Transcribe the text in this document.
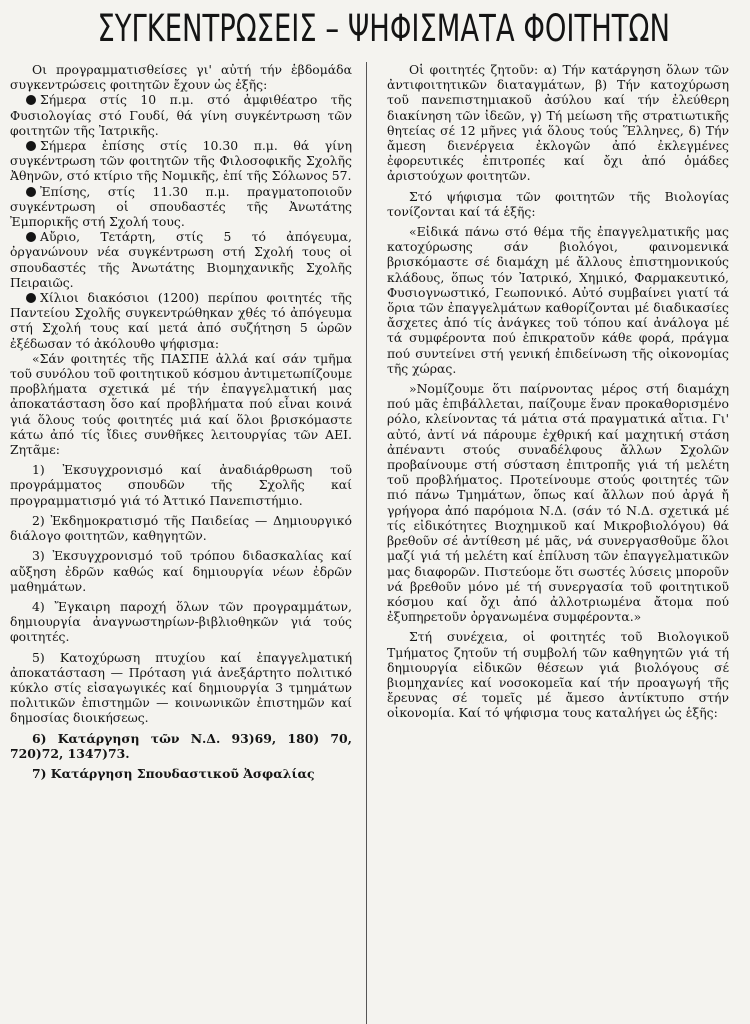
ΣΥΓΚΕΝΤΡΩΣΕΙΣ – ΨΗΦΙΣΜΑΤΑ ΦΟΙΤΗΤΩΝ

Οι προγραμματισθείσες γι' αὐτή τήν ἑβδομάδα συγκεντρώσεις φοιτητῶν ἔχουν ὡς ἑξῆς:

Σήμερα στίς 10 π.μ. στό ἀμφιθέατρο τῆς Φυσιολογίας στό Γουδί, θά γίνη συγκέντρωση τῶν φοιτητῶν τῆς Ἰατρικῆς.

Σήμερα ἐπίσης στίς 10.30 π.μ. θά γίνη συγκέντρωση τῶν φοιτητῶν τῆς Φιλοσοφικῆς Σχολῆς Ἀθηνῶν, στό κτίριο τῆς Νομικῆς, ἐπί τῆς Σόλωνος 57.

Ἐπίσης, στίς 11.30 π.μ. πραγματοποιοῦν συγκέντρωση οἱ σπουδαστές τῆς Ἀνωτάτης Ἐμπορικῆς στή Σχολή τους.

Αὔριο, Τετάρτη, στίς 5 τό ἀπόγευμα, ὀργανώνουν νέα συγκέντρωση στή Σχολή τους οἱ σπουδαστές τῆς Ἀνωτάτης Βιομηχανικῆς Σχολῆς Πειραιῶς.

Χίλιοι διακόσιοι (1200) περίπου φοιτητές τῆς Παντείου Σχολῆς συγκεντρώθηκαν χθές τό ἀπόγευμα στή Σχολή τους καί μετά ἀπό συζήτηση 5 ὡρῶν ἐξέδωσαν τό ἀκόλουθο ψήφισμα:

«Σάν φοιτητές τῆς ΠΑΣΠΕ ἀλλά καί σάν τμῆμα τοῦ συνόλου τοῦ φοιτητικοῦ κόσμου ἀντιμετωπίζουμε προβλήματα σχετικά μέ τήν ἐπαγγελματική μας ἀποκατάσταση ὅσο καί προβλήματα πού εἶναι κοινά γιά ὅλους τούς φοιτητές μιά καί ὅλοι βρισκόμαστε κάτω ἀπό τίς ἴδιες συνθῆκες λειτουργίας τῶν ΑΕΙ. Ζητᾶμε:

1) Ἐκσυγχρονισμό καί ἀναδιάρθρωση τοῦ προγράμματος σπουδῶν τῆς Σχολῆς καί προγραμματισμό γιά τό Ἀττικό Πανεπιστήμιο.

2) Ἐκδημοκρατισμό τῆς Παιδείας — Δημιουργικό διάλογο φοιτητῶν, καθηγητῶν.

3) Ἐκσυγχρονισμό τοῦ τρόπου διδασκαλίας καί αὔξηση ἐδρῶν καθώς καί δημιουργία νέων ἐδρῶν μαθημάτων.

4) Ἔγκαιρη παροχή ὅλων τῶν προγραμμάτων, δημιουργία ἀναγνωστηρίων-βιβλιοθηκῶν γιά τούς φοιτητές.

5) Κατοχύρωση πτυχίου καί ἐπαγγελματική ἀποκατάσταση — Πρόταση γιά ἀνεξάρτητο πολιτικό κύκλο στίς εἰσαγωγικές καί δημιουργία 3 τμημάτων πολιτικῶν ἐπιστημῶν — κοινωνικῶν ἐπιστημῶν καί δημοσίας διοικήσεως.

6) Κατάργηση τῶν Ν.Δ. 93)69, 180) 70, 720)72, 1347)73.

7) Κατάργηση Σπουδαστικοῦ Ἀσφαλίας

Οἱ φοιτητές ζητοῦν: α) Τήν κατάργηση ὅλων τῶν ἀντιφοιτητικῶν διαταγμάτων, β) Τήν κατοχύρωση τοῦ πανεπιστημιακοῦ ἀσύλου καί τήν ἐλεύθερη διακίνηση τῶν ἰδεῶν, γ) Τή μείωση τῆς στρατιωτικῆς θητείας σέ 12 μῆνες γιά ὅλους τούς Ἕλληνες, δ) Τήν ἄμεση διενέργεια ἐκλογῶν ἀπό ἐκλεγμένες ἐφορευτικές ἐπιτροπές καί ὄχι ἀπό ὁμάδες ἀριστούχων φοιτητῶν.

Στό ψήφισμα τῶν φοιτητῶν τῆς Βιολογίας τονίζονται καί τά ἑξῆς:

«Εἰδικά πάνω στό θέμα τῆς ἐπαγγελματικῆς μας κατοχύρωσης σάν βιολόγοι, φαινομενικά βρισκόμαστε σέ διαμάχη μέ ἄλλους ἐπιστημονικούς κλάδους, ὅπως τόν Ἰατρικό, Χημικό, Φαρμακευτικό, Φυσιογνωστικό, Γεωπονικό. Αὐτό συμβαίνει γιατί τά ὅρια τῶν ἐπαγγελμάτων καθορίζονται μέ διαδικασίες ἄσχετες ἀπό τίς ἀνάγκες τοῦ τόπου καί ἀνάλογα μέ τά συμφέροντα πού ἐπικρατοῦν κάθε φορά, πράγμα πού συντείνει στή γενική ἐπιδείνωση τῆς οἰκονομίας τῆς χώρας.

»Νομίζουμε ὅτι παίρνοντας μέρος στή διαμάχη πού μᾶς ἐπιβάλλεται, παίζουμε ἕναν προκαθορισμένο ρόλο, κλείνοντας τά μάτια στά πραγματικά αἴτια. Γι' αὐτό, ἀντί νά πάρουμε ἐχθρική καί μαχητική στάση ἀπέναντι στούς συναδέλφους ἄλλων Σχολῶν προβαίνουμε στή σύσταση ἐπιτροπῆς γιά τή μελέτη τοῦ προβλήματος. Προτείνουμε στούς φοιτητές τῶν πιό πάνω Τμημάτων, ὅπως καί ἄλλων πού ἀργά ἤ γρήγορα ἀπό παρόμοια Ν.Δ. (σάν τό Ν.Δ. σχετικά μέ τίς εἰδικότητες Βιοχημικοῦ καί Μικροβιολόγου) θά βρεθοῦν σέ ἀντίθεση μέ μᾶς, νά συνεργασθοῦμε ὅλοι μαζί γιά τή μελέτη καί ἐπίλυση τῶν ἐπαγγελματικῶν μας διαφορῶν. Πιστεύομε ὅτι σωστές λύσεις μποροῦν νά βρεθοῦν μόνο μέ τή συνεργασία τοῦ φοιτητικοῦ κόσμου καί ὄχι ἀπό ἀλλοτριωμένα ἄτομα πού ἐξυπηρετοῦν ὀργανωμένα συμφέροντα.»

Στή συνέχεια, οἱ φοιτητές τοῦ Βιολογικοῦ Τμήματος ζητοῦν τή συμβολή τῶν καθηγητῶν γιά τή δημιουργία εἰδικῶν θέσεων γιά βιολόγους σέ βιομηχανίες καί νοσοκομεῖα καί τήν προαγωγή τῆς ἔρευνας σέ τομεῖς μέ ἄμεσο ἀντίκτυπο στήν οἰκονομία. Καί τό ψήφισμα τους καταλήγει ὡς ἑξῆς:
